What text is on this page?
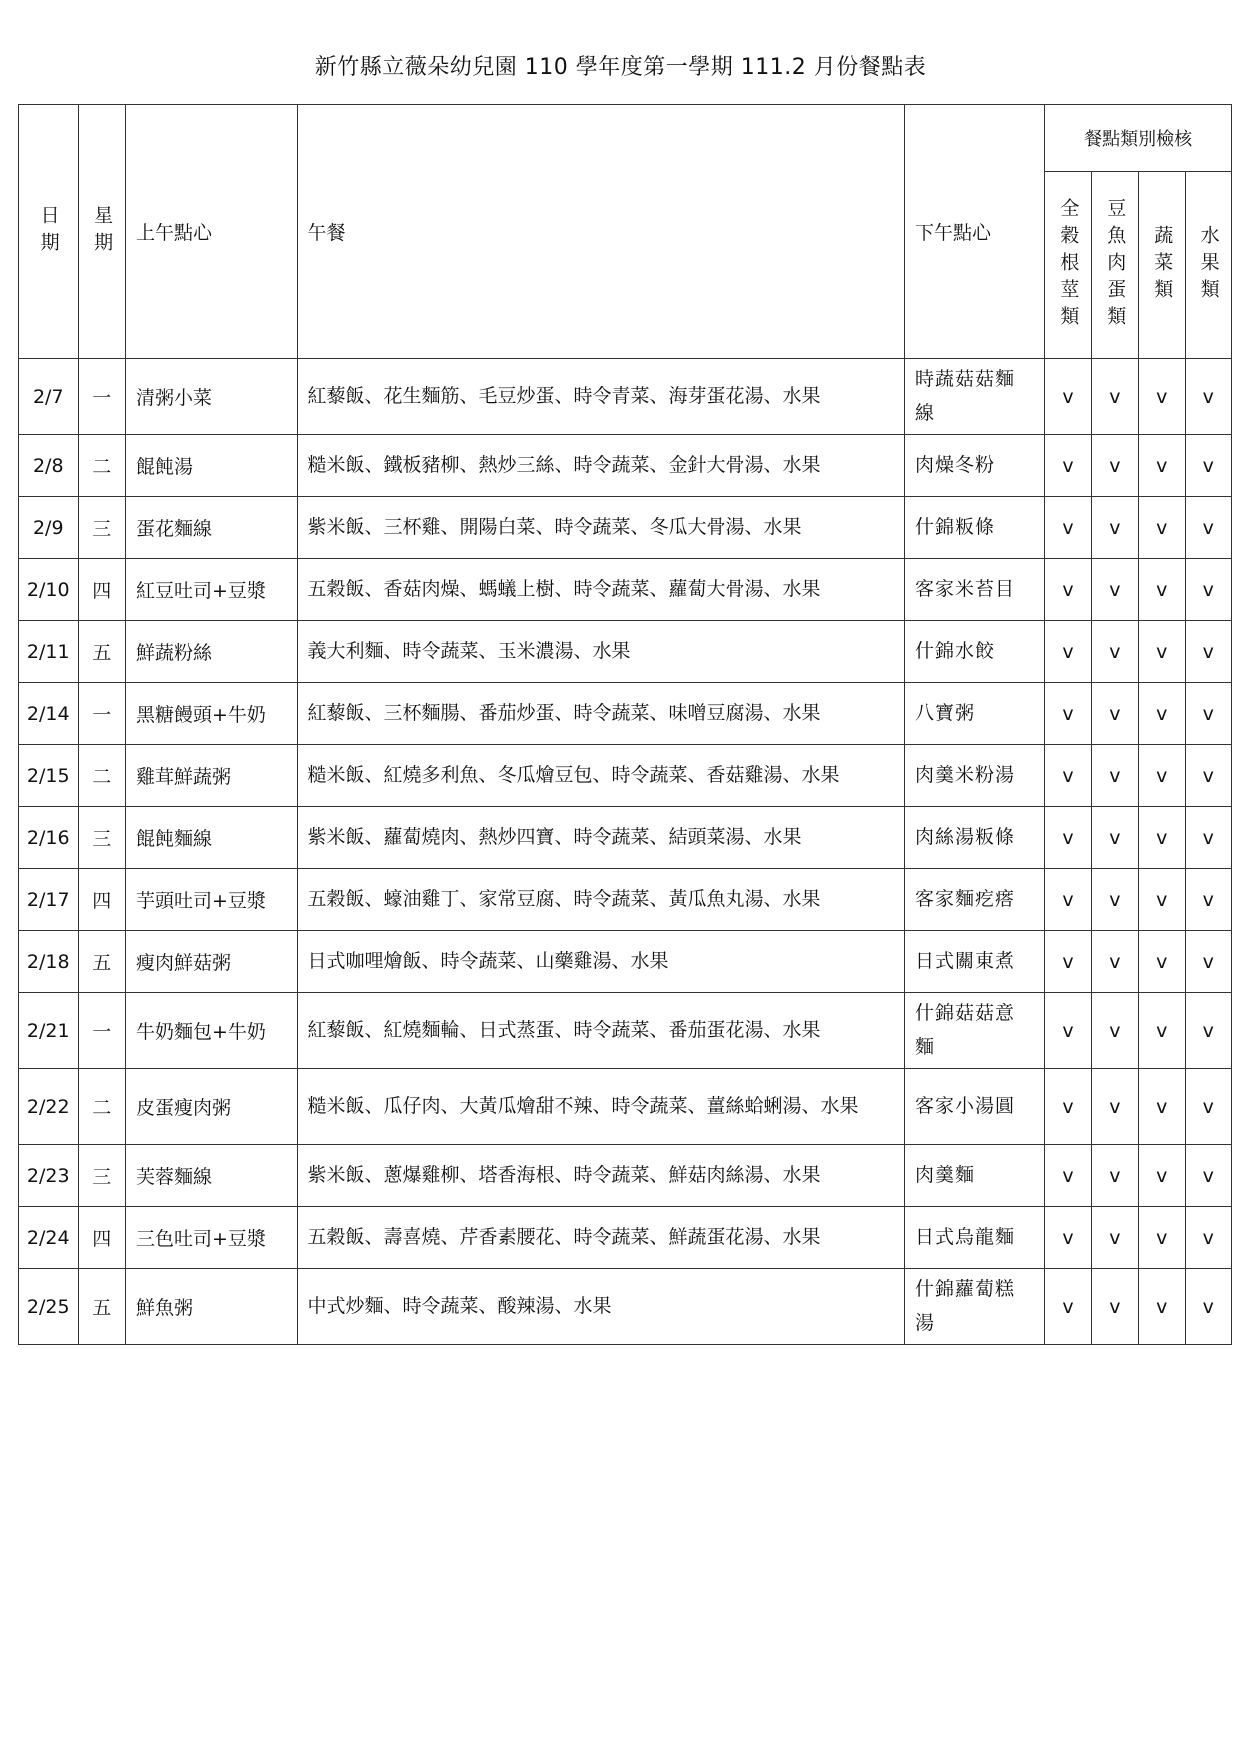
新竹縣立薇朵幼兒園 110 學年度第一學期 111.2 月份餐點表
日期	星期	上午點心	午餐	下午點心	餐點類別檢核			
					全穀根莖類	豆魚肉蛋類	蔬菜類	水果類
2/7	一	清粥小菜	紅藜飯、花生麵筋、毛豆炒蛋、時令青菜、海芽蛋花湯、水果	時蔬菇菇麵線	v	v	v	v
2/8	二	餛飩湯	糙米飯、鐵板豬柳、熱炒三絲、時令蔬菜、金針大骨湯、水果	肉燥冬粉	v	v	v	v
2/9	三	蛋花麵線	紫米飯、三杯雞、開陽白菜、時令蔬菜、冬瓜大骨湯、水果	什錦粄條	v	v	v	v
2/10	四	紅豆吐司+豆漿	五穀飯、香菇肉燥、螞蟻上樹、時令蔬菜、蘿蔔大骨湯、水果	客家米苔目	v	v	v	v
2/11	五	鮮蔬粉絲	義大利麵、時令蔬菜、玉米濃湯、水果	什錦水餃	v	v	v	v
2/14	一	黑糖饅頭+牛奶	紅藜飯、三杯麵腸、番茄炒蛋、時令蔬菜、味噌豆腐湯、水果	八寶粥	v	v	v	v
2/15	二	雞茸鮮蔬粥	糙米飯、紅燒多利魚、冬瓜燴豆包、時令蔬菜、香菇雞湯、水果	肉羹米粉湯	v	v	v	v
2/16	三	餛飩麵線	紫米飯、蘿蔔燒肉、熱炒四寶、時令蔬菜、結頭菜湯、水果	肉絲湯粄條	v	v	v	v
2/17	四	芋頭吐司+豆漿	五穀飯、蠔油雞丁、家常豆腐、時令蔬菜、黃瓜魚丸湯、水果	客家麵疙瘩	v	v	v	v
2/18	五	瘦肉鮮菇粥	日式咖哩燴飯、時令蔬菜、山藥雞湯、水果	日式關東煮	v	v	v	v
2/21	一	牛奶麵包+牛奶	紅藜飯、紅燒麵輪、日式蒸蛋、時令蔬菜、番茄蛋花湯、水果	什錦菇菇意麵	v	v	v	v
2/22	二	皮蛋瘦肉粥	糙米飯、瓜仔肉、大黃瓜燴甜不辣、時令蔬菜、薑絲蛤蜊湯、水果	客家小湯圓	v	v	v	v
2/23	三	芙蓉麵線	紫米飯、蔥爆雞柳、塔香海根、時令蔬菜、鮮菇肉絲湯、水果	肉羹麵	v	v	v	v
2/24	四	三色吐司+豆漿	五穀飯、壽喜燒、芹香素腰花、時令蔬菜、鮮蔬蛋花湯、水果	日式烏龍麵	v	v	v	v
2/25	五	鮮魚粥	中式炒麵、時令蔬菜、酸辣湯、水果	什錦蘿蔔糕湯	v	v	v	v
